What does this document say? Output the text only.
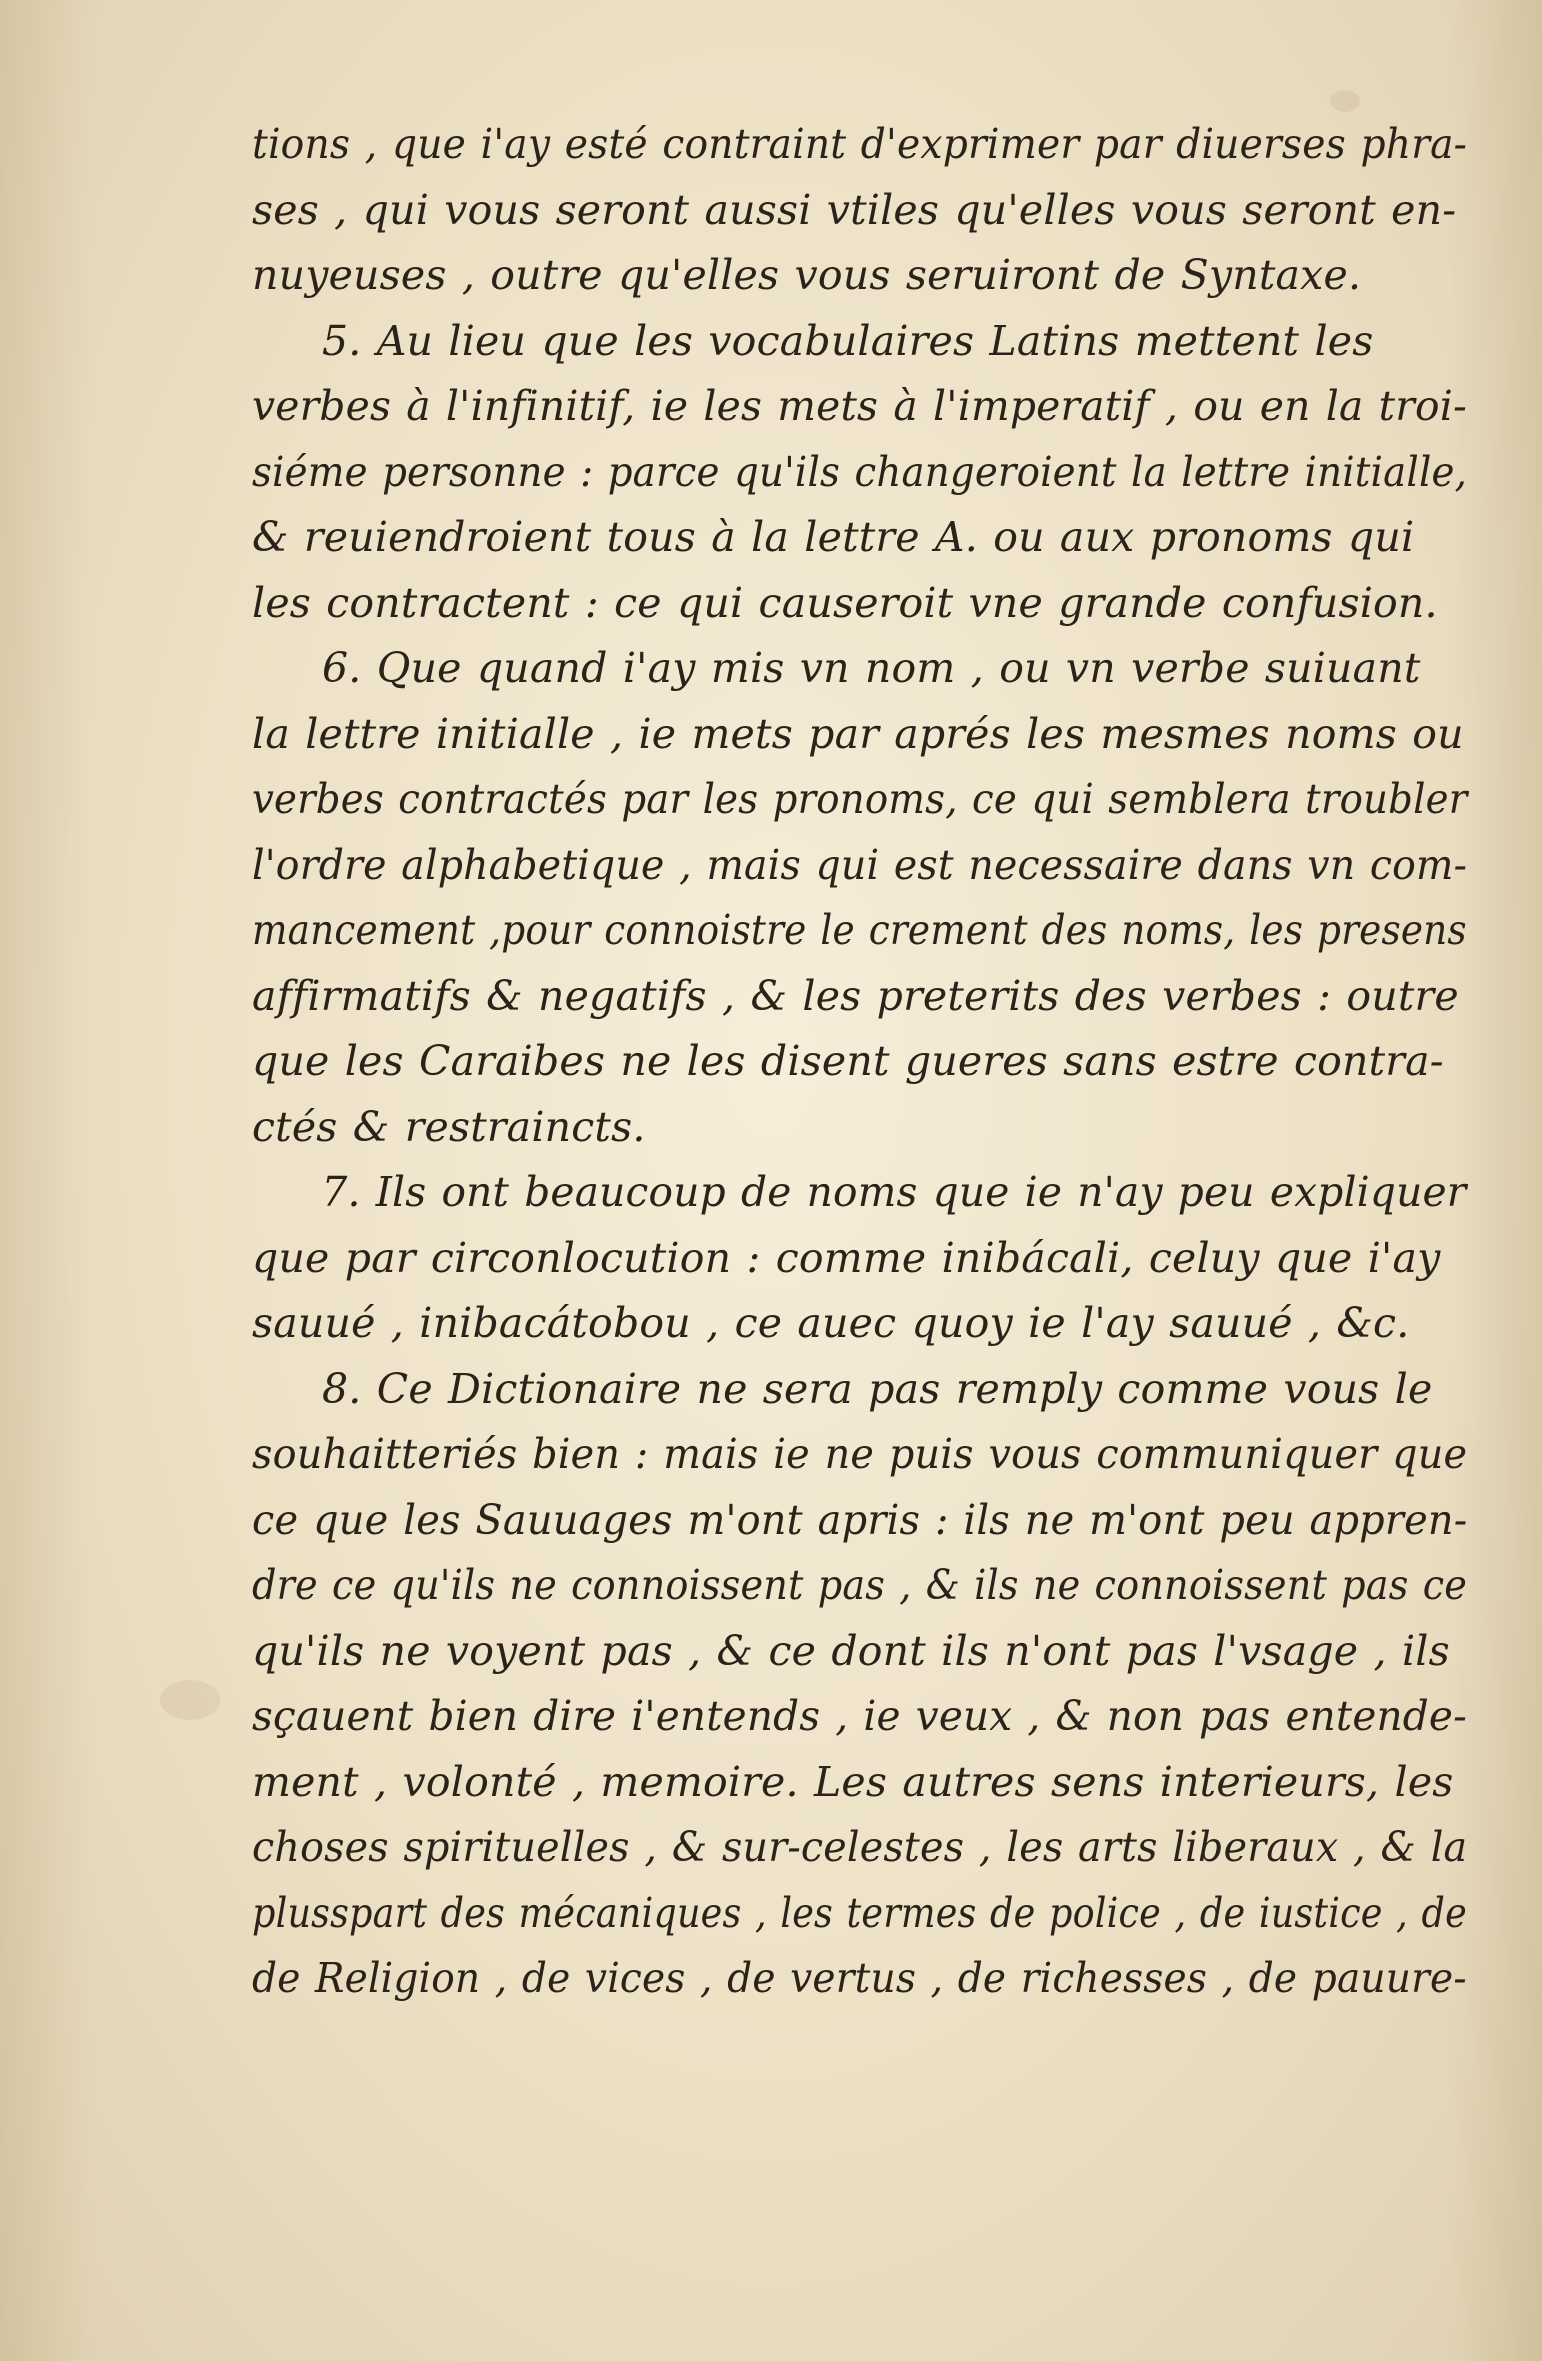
tions , que i'ay esté contraint d'exprimer par diuerses phra-
ses , qui vous seront aussi vtiles qu'elles vous seront en-
nuyeuses , outre qu'elles vous seruiront de Syntaxe.
5. Au lieu que les vocabulaires Latins mettent les
verbes à l'infinitif, ie les mets à l'imperatif , ou en la troi-
siéme personne : parce qu'ils changeroient la lettre initialle,
& reuiendroient tous à la lettre A. ou aux pronoms qui
les contractent : ce qui causeroit vne grande confusion.
6. Que quand i'ay mis vn nom , ou vn verbe suiuant
la lettre initialle , ie mets par aprés les mesmes noms ou
verbes contractés par les pronoms, ce qui semblera troubler
l'ordre alphabetique , mais qui est necessaire dans vn com-
mancement ,pour connoistre le crement des noms, les presens
affirmatifs & negatifs , & les preterits des verbes : outre
que les Caraibes ne les disent gueres sans estre contra-
ctés & restraincts.
7. Ils ont beaucoup de noms que ie n'ay peu expliquer
que par circonlocution : comme inibácali, celuy que i'ay
sauué , inibacátobou , ce auec quoy ie l'ay sauué , &c.
8. Ce Dictionaire ne sera pas remply comme vous le
souhaitteriés bien : mais ie ne puis vous communiquer que
ce que les Sauuages m'ont apris : ils ne m'ont peu appren-
dre ce qu'ils ne connoissent pas , & ils ne connoissent pas ce
qu'ils ne voyent pas , & ce dont ils n'ont pas l'vsage , ils
sçauent bien dire i'entends , ie veux , & non pas entende-
ment , volonté , memoire. Les autres sens interieurs, les
choses spirituelles , & sur-celestes , les arts liberaux , & la
plusspart des mécaniques , les termes de police , de iustice , de
de Religion , de vices , de vertus , de richesses , de pauure-
